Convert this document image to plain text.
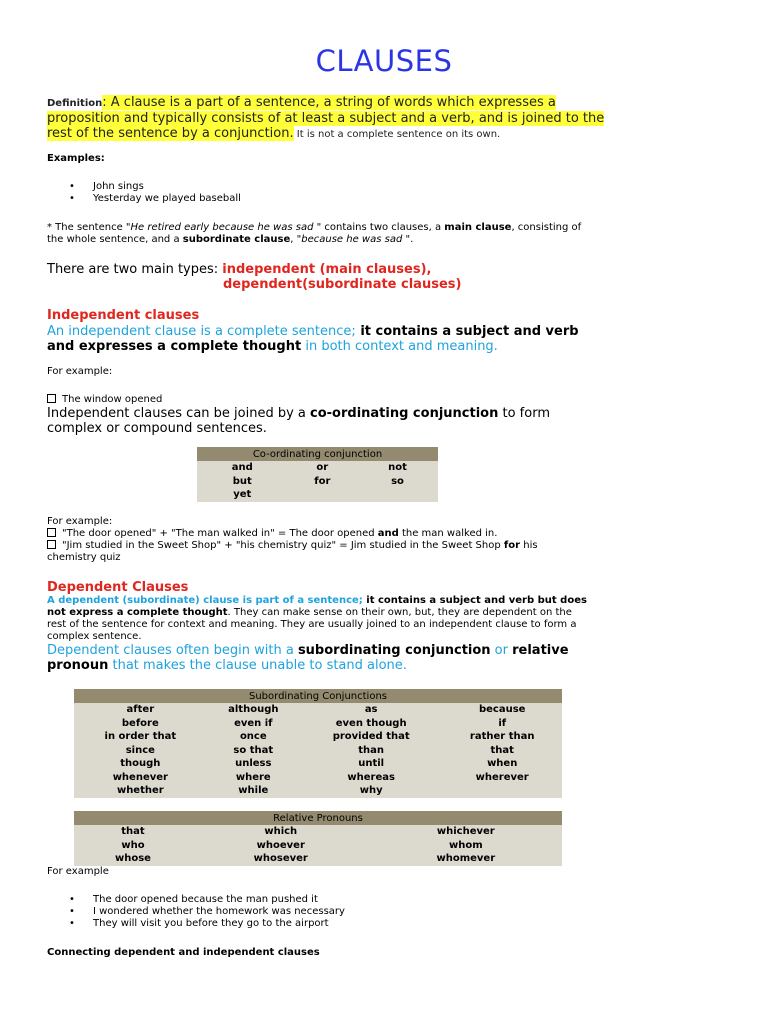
CLAUSES
Definition: A clause is a part of a sentence, a string of words which expresses a proposition and typically consists of at least a subject and a verb, and is joined to the rest of the sentence by a conjunction. It is not a complete sentence on its own.
Examples:
• John sings
• Yesterday we played baseball
* The sentence "He retired early because he was sad " contains two clauses, a main clause, consisting of the whole sentence, and a subordinate clause, "because he was sad ".
There are two main types: independent (main clauses),
dependent(subordinate clauses)
Independent clauses
An independent clause is a complete sentence; it contains a subject and verb and expresses a complete thought in both context and meaning.
For example:
The window opened
Independent clauses can be joined by a co-ordinating conjunction to form complex or compound sentences.
Co-ordinating conjunction		
and	or	not
but	for	so
yet		
For example:
"The door opened" + "The man walked in" = The door opened and the man walked in.
"Jim studied in the Sweet Shop" + "his chemistry quiz" = Jim studied in the Sweet Shop for his chemistry quiz
Dependent Clauses
A dependent (subordinate) clause is part of a sentence; it contains a subject and verb but does not express a complete thought. They can make sense on their own, but, they are dependent on the rest of the sentence for context and meaning. They are usually joined to an independent clause to form a complex sentence.
Dependent clauses often begin with a subordinating conjunction or relative pronoun that makes the clause unable to stand alone.
Subordinating Conjunctions			
after	although	as	because
before	even if	even though	if
in order that	once	provided that	rather than
since	so that	than	that
though	unless	until	when
whenever	where	whereas	wherever
whether	while	why	
Relative Pronouns		
that	which	whichever
who	whoever	whom
whose	whosever	whomever
For example
• The door opened because the man pushed it
• I wondered whether the homework was necessary
• They will visit you before they go to the airport
Connecting dependent and independent clauses
